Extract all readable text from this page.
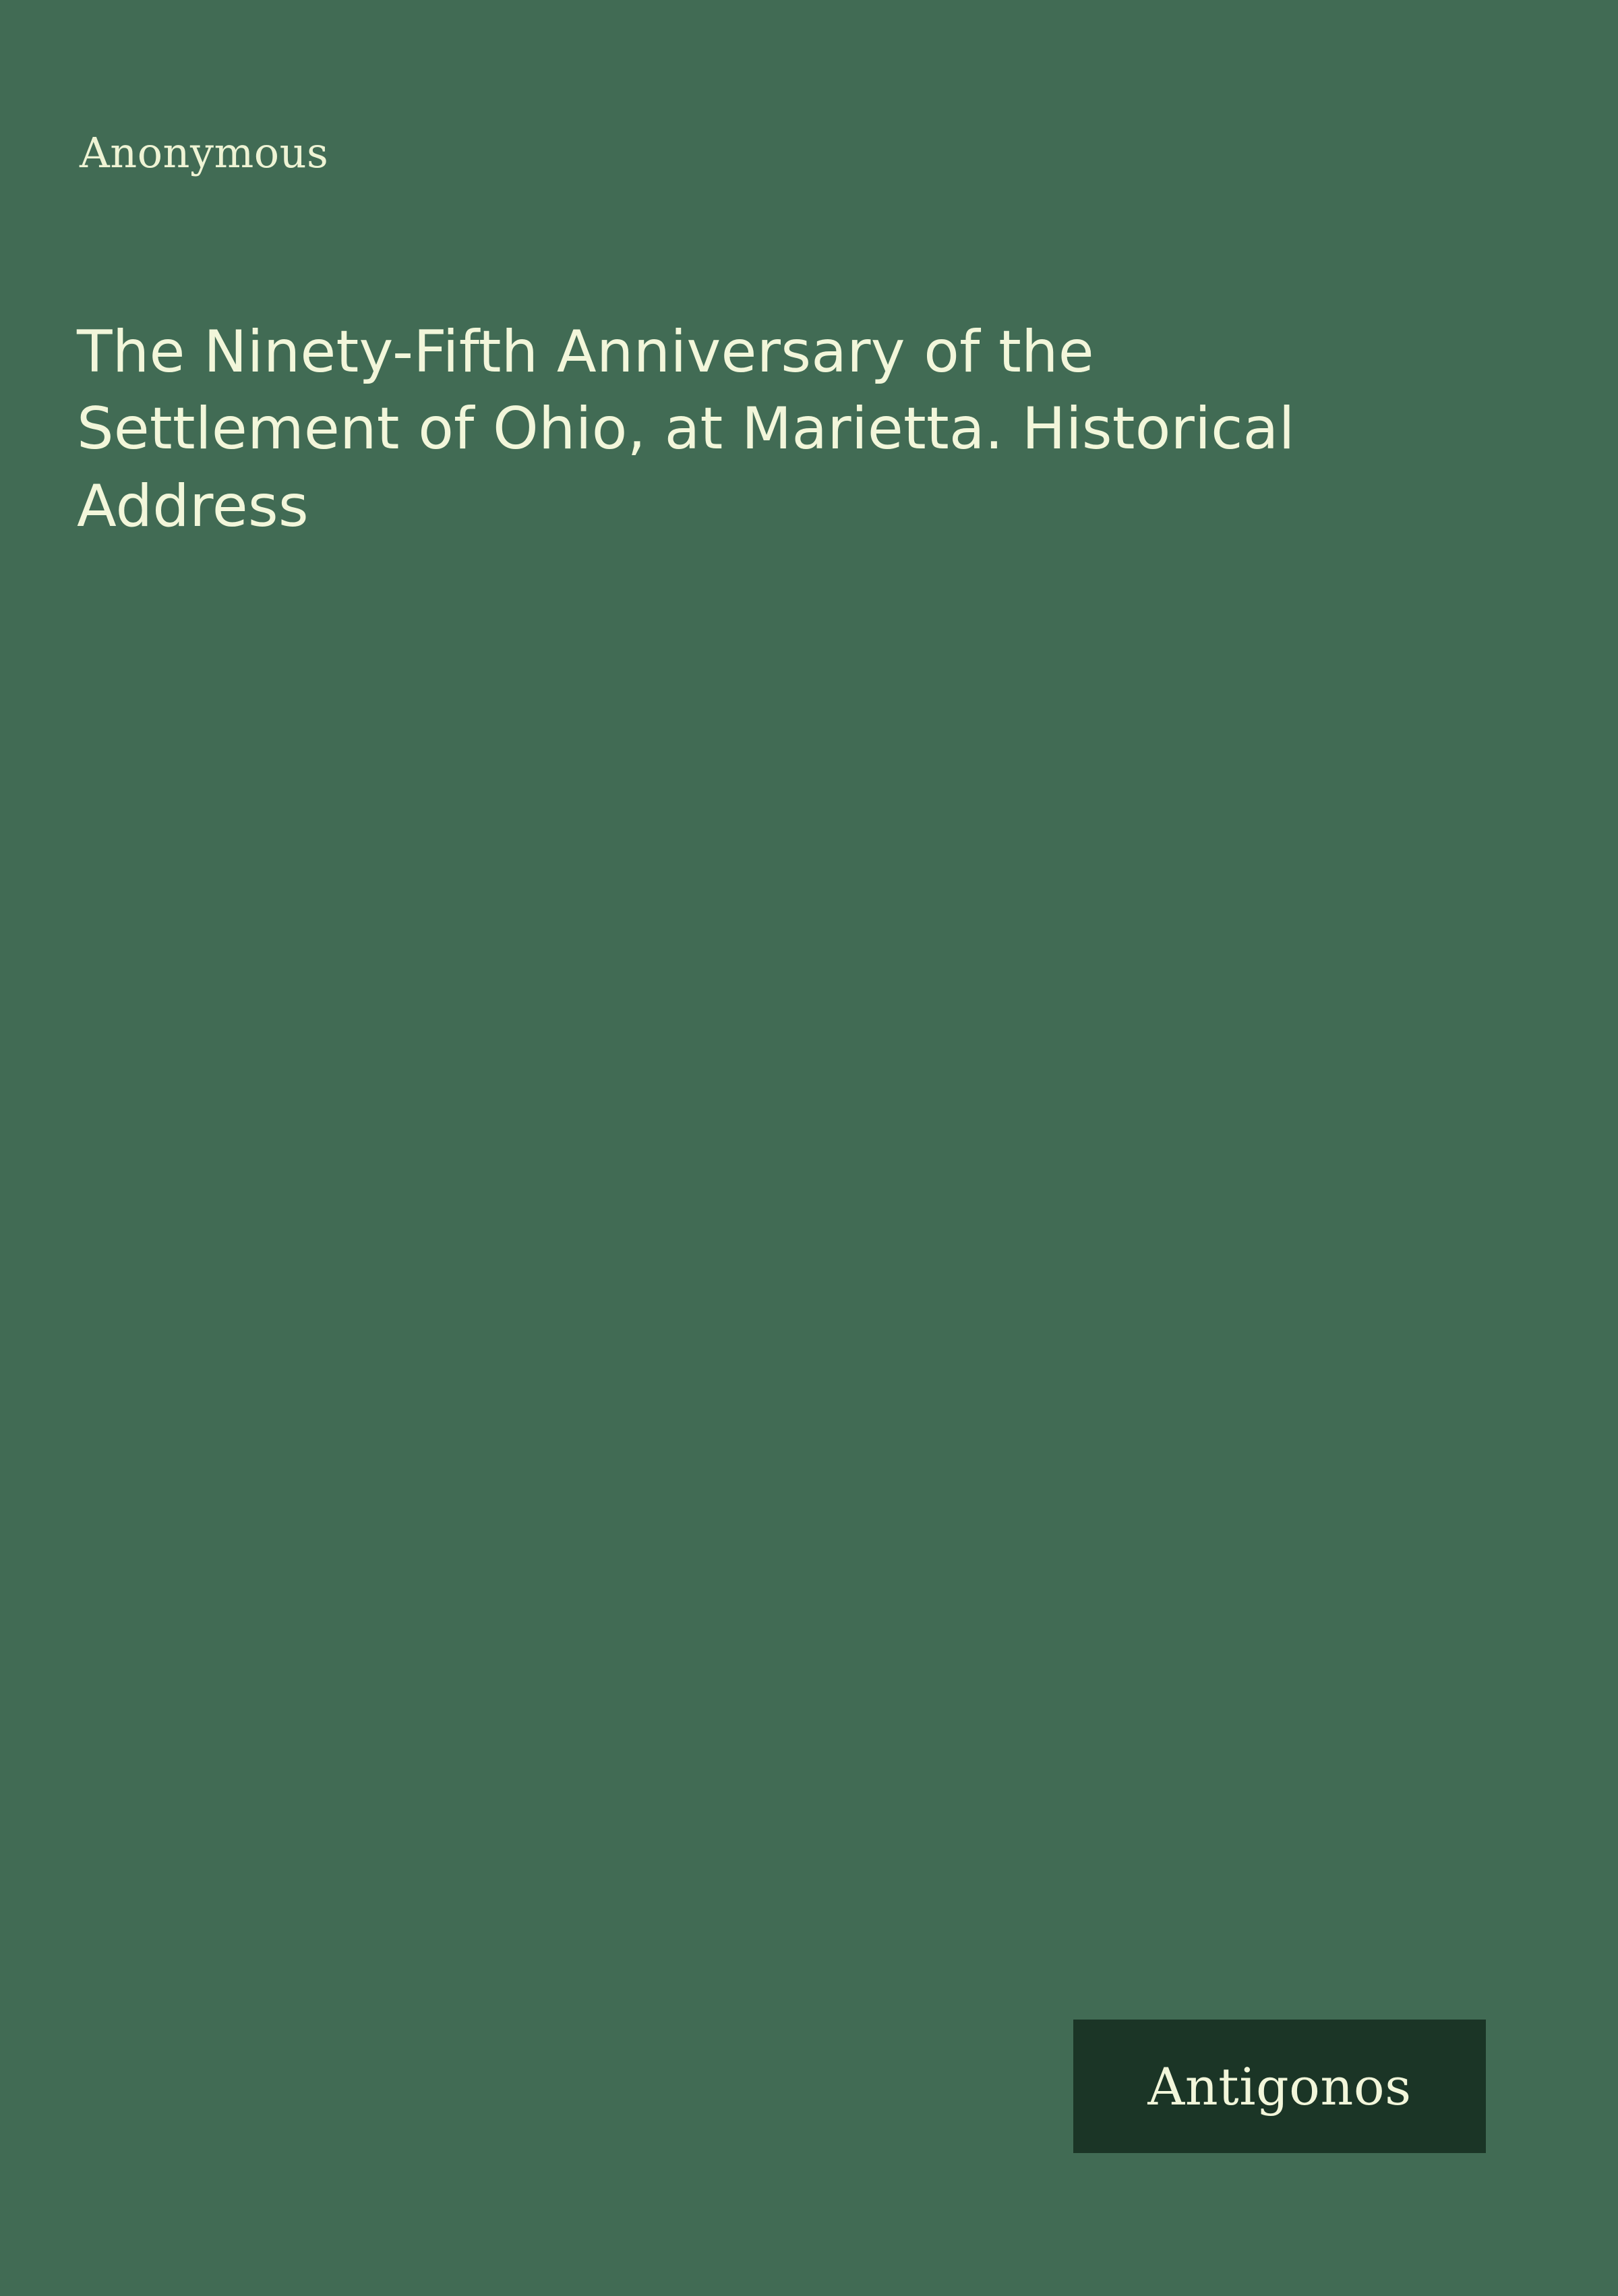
Anonymous
The Ninety-Fifth Anniversary of the Settlement of Ohio, at Marietta. Historical Address
Antigonos
